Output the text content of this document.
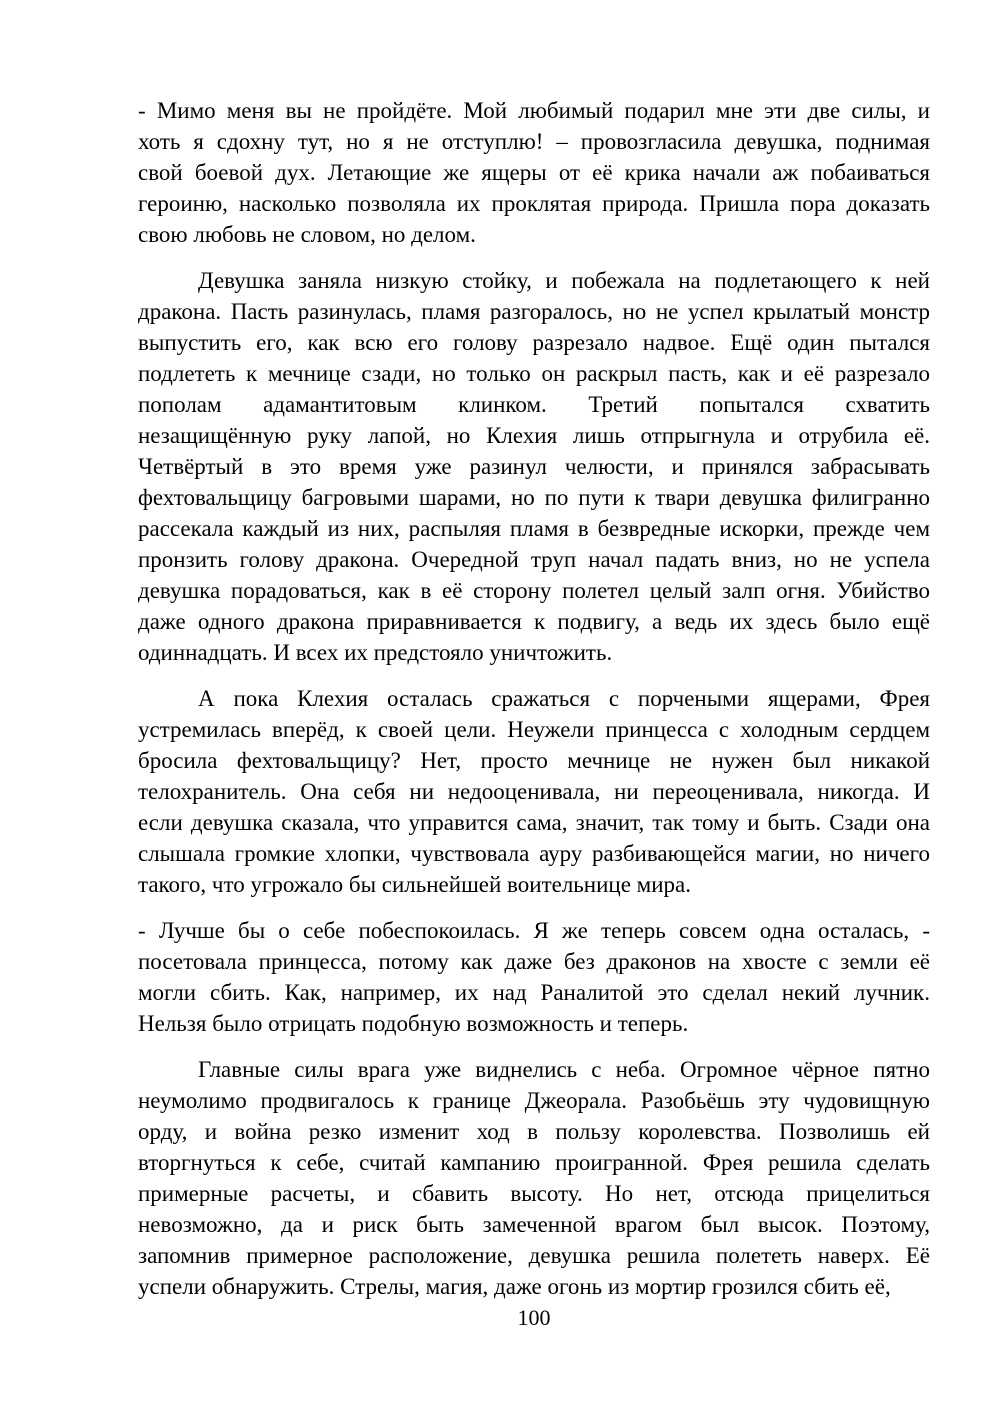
- Мимо меня вы не пройдёте. Мой любимый подарил мне эти две силы, и
хоть я сдохну тут, но я не отступлю! – провозгласила девушка, поднимая
свой боевой дух. Летающие же ящеры от её крика начали аж побаиваться
героиню, насколько позволяла их проклятая природа. Пришла пора доказать
свою любовь не словом, но делом.
Девушка заняла низкую стойку, и побежала на подлетающего к ней
дракона. Пасть разинулась, пламя разгоралось, но не успел крылатый монстр
выпустить его, как всю его голову разрезало надвое. Ещё один пытался
подлететь к мечнице сзади, но только он раскрыл пасть, как и её разрезало
пополам адамантитовым клинком. Третий попытался схватить
незащищённую руку лапой, но Клехия лишь отпрыгнула и отрубила её.
Четвёртый в это время уже разинул челюсти, и принялся забрасывать
фехтовальщицу багровыми шарами, но по пути к твари девушка филигранно
рассекала каждый из них, распыляя пламя в безвредные искорки, прежде чем
пронзить голову дракона. Очередной труп начал падать вниз, но не успела
девушка порадоваться, как в её сторону полетел целый залп огня. Убийство
даже одного дракона приравнивается к подвигу, а ведь их здесь было ещё
одиннадцать. И всех их предстояло уничтожить.
А пока Клехия осталась сражаться с порчеными ящерами, Фрея
устремилась вперёд, к своей цели. Неужели принцесса с холодным сердцем
бросила фехтовальщицу? Нет, просто мечнице не нужен был никакой
телохранитель. Она себя ни недооценивала, ни переоценивала, никогда. И
если девушка сказала, что управится сама, значит, так тому и быть. Сзади она
слышала громкие хлопки, чувствовала ауру разбивающейся магии, но ничего
такого, что угрожало бы сильнейшей воительнице мира.
- Лучше бы о себе побеспокоилась. Я же теперь совсем одна осталась, -
посетовала принцесса, потому как даже без драконов на хвосте с земли её
могли сбить. Как, например, их над Раналитой это сделал некий лучник.
Нельзя было отрицать подобную возможность и теперь.
Главные силы врага уже виднелись с неба. Огромное чёрное пятно
неумолимо продвигалось к границе Джеорала. Разобьёшь эту чудовищную
орду, и война резко изменит ход в пользу королевства. Позволишь ей
вторгнуться к себе, считай кампанию проигранной. Фрея решила сделать
примерные расчеты, и сбавить высоту. Но нет, отсюда прицелиться
невозможно, да и риск быть замеченной врагом был высок. Поэтому,
запомнив примерное расположение, девушка решила полететь наверх. Её
успели обнаружить. Стрелы, магия, даже огонь из мортир грозился сбить её,
100
